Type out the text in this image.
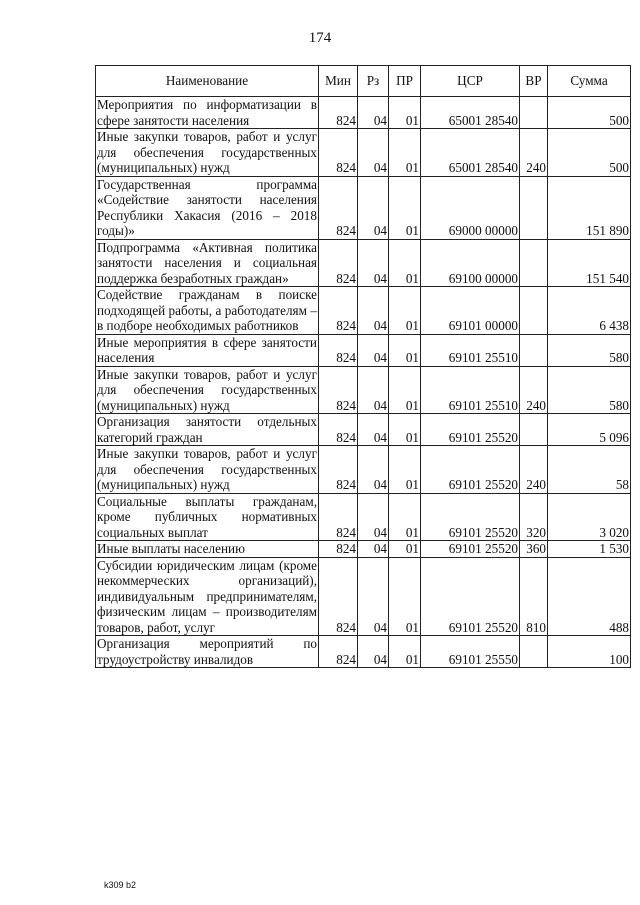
174
Наименование	Мин	Рз	ПР	ЦСР	ВР	Сумма
Мероприятия по информатизации в сфере занятости населения	824	04	01	65001 28540		500
Иные закупки товаров, работ и услуг для обеспечения государственных (муниципальных) нужд	824	04	01	65001 28540	240	500
Государственная программа «Содействие занятости населения Республики Хакасия (2016 – 2018 годы)»	824	04	01	69000 00000		151 890
Подпрограмма «Активная политика занятости населения и социальная поддержка безработных граждан»	824	04	01	69100 00000		151 540
Содействие гражданам в поиске подходящей работы, а работодателям – в подборе необходимых работников	824	04	01	69101 00000		6 438
Иные мероприятия в сфере занятости населения	824	04	01	69101 25510		580
Иные закупки товаров, работ и услуг для обеспечения государственных (муниципальных) нужд	824	04	01	69101 25510	240	580
Организация занятости отдельных категорий граждан	824	04	01	69101 25520		5 096
Иные закупки товаров, работ и услуг для обеспечения государственных (муниципальных) нужд	824	04	01	69101 25520	240	58
Социальные выплаты гражданам, кроме публичных нормативных социальных выплат	824	04	01	69101 25520	320	3 020
Иные выплаты населению	824	04	01	69101 25520	360	1 530
Субсидии юридическим лицам (кроме некоммерческих организаций), индивидуальным предпринимателям, физическим лицам – производителям товаров, работ, услуг	824	04	01	69101 25520	810	488
Организация мероприятий по трудоустройству инвалидов	824	04	01	69101 25550		100
k309 b2
